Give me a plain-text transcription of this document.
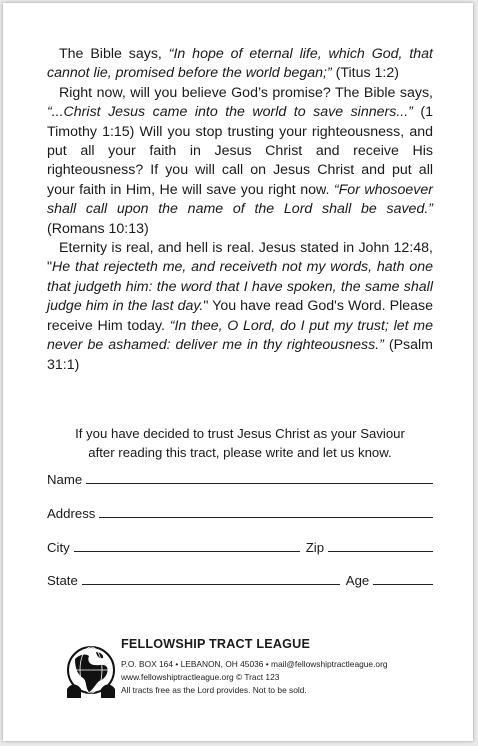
The Bible says, “In hope of eternal life, which God, that cannot lie, promised before the world began;” (Titus 1:2)

Right now, will you believe God’s promise? The Bible says, “...Christ Jesus came into the world to save sinners...” (1 Timothy 1:15) Will you stop trusting your righteousness, and put all your faith in Jesus Christ and receive His righteousness? If you will call on Jesus Christ and put all your faith in Him, He will save you right now. “For whosoever shall call upon the name of the Lord shall be saved.” (Romans 10:13)

Eternity is real, and hell is real. Jesus stated in John 12:48, "He that rejecteth me, and receiveth not my words, hath one that judgeth him: the word that I have spoken, the same shall judge him in the last day." You have read God's Word. Please receive Him today. “In thee, O Lord, do I put my trust; let me never be ashamed: deliver me in thy righteousness.” (Psalm 31:1)

If you have decided to trust Jesus Christ as your Saviour
after reading this tract, please write and let us know.
Name
Address
City	Zip
State	Age
FELLOWSHIP TRACT LEAGUE
P.O. BOX 164 • LEBANON, OH 45036 • mail@fellowshiptractleague.org
www.fellowshiptractleague.org © Tract 123
All tracts free as the Lord provides. Not to be sold.
